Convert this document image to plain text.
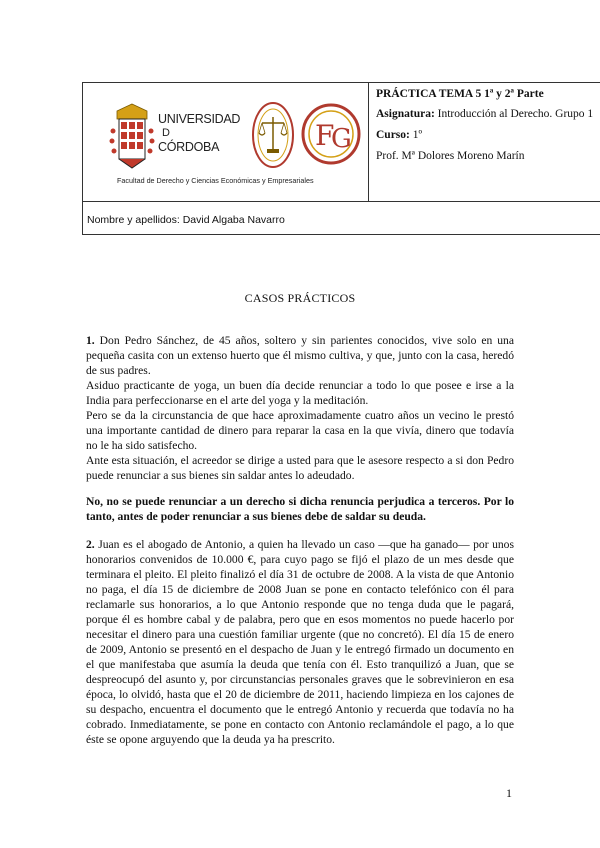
UNIVERSIDAD
D
CÓRDOBA	F
G
Facultad de Derecho y Ciencias Económicas y Empresariales
PRÁCTICA TEMA 5 1ª y 2ª Parte
Asignatura: Introducción al Derecho. Grupo 1
Curso: 1º
Prof. Mª Dolores Moreno Marín
Nombre y apellidos: David Algaba Navarro
CASOS PRÁCTICOS

1. Don Pedro Sánchez, de 45 años, soltero y sin parientes conocidos, vive solo en una pequeña casita con un extenso huerto que él mismo cultiva, y que, junto con la casa, heredó de sus padres.

Asiduo practicante de yoga, un buen día decide renunciar a todo lo que posee e irse a la India para perfeccionarse en el arte del yoga y la meditación.

Pero se da la circunstancia de que hace aproximadamente cuatro años un vecino le prestó una importante cantidad de dinero para reparar la casa en la que vivía, dinero que todavía no le ha sido satisfecho.

Ante esta situación, el acreedor se dirige a usted para que le asesore respecto a si don Pedro puede renunciar a sus bienes sin saldar antes lo adeudado.

No, no se puede renunciar a un derecho si dicha renuncia perjudica a terceros. Por lo tanto, antes de poder renunciar a sus bienes debe de saldar su deuda.

2. Juan es el abogado de Antonio, a quien ha llevado un caso —que ha ganado— por unos honorarios convenidos de 10.000 €, para cuyo pago se fijó el plazo de un mes desde que terminara el pleito. El pleito finalizó el día 31 de octubre de 2008. A la vista de que Antonio no paga, el día 15 de diciembre de 2008 Juan se pone en contacto telefónico con él para reclamarle sus honorarios, a lo que Antonio responde que no tenga duda que le pagará, porque él es hombre cabal y de palabra, pero que en esos momentos no puede hacerlo por necesitar el dinero para una cuestión familiar urgente (que no concretó). El día 15 de enero de 2009, Antonio se presentó en el despacho de Juan y le entregó firmado un documento en el que manifestaba que asumía la deuda que tenía con él. Esto tranquilizó a Juan, que se despreocupó del asunto y, por circunstancias personales graves que le sobrevinieron en esa época, lo olvidó, hasta que el 20 de diciembre de 2011, haciendo limpieza en los cajones de su despacho, encuentra el documento que le entregó Antonio y recuerda que todavía no ha cobrado. Inmediatamente, se pone en contacto con Antonio reclamándole el pago, a lo que éste se opone arguyendo que la deuda ya ha prescrito.

1
